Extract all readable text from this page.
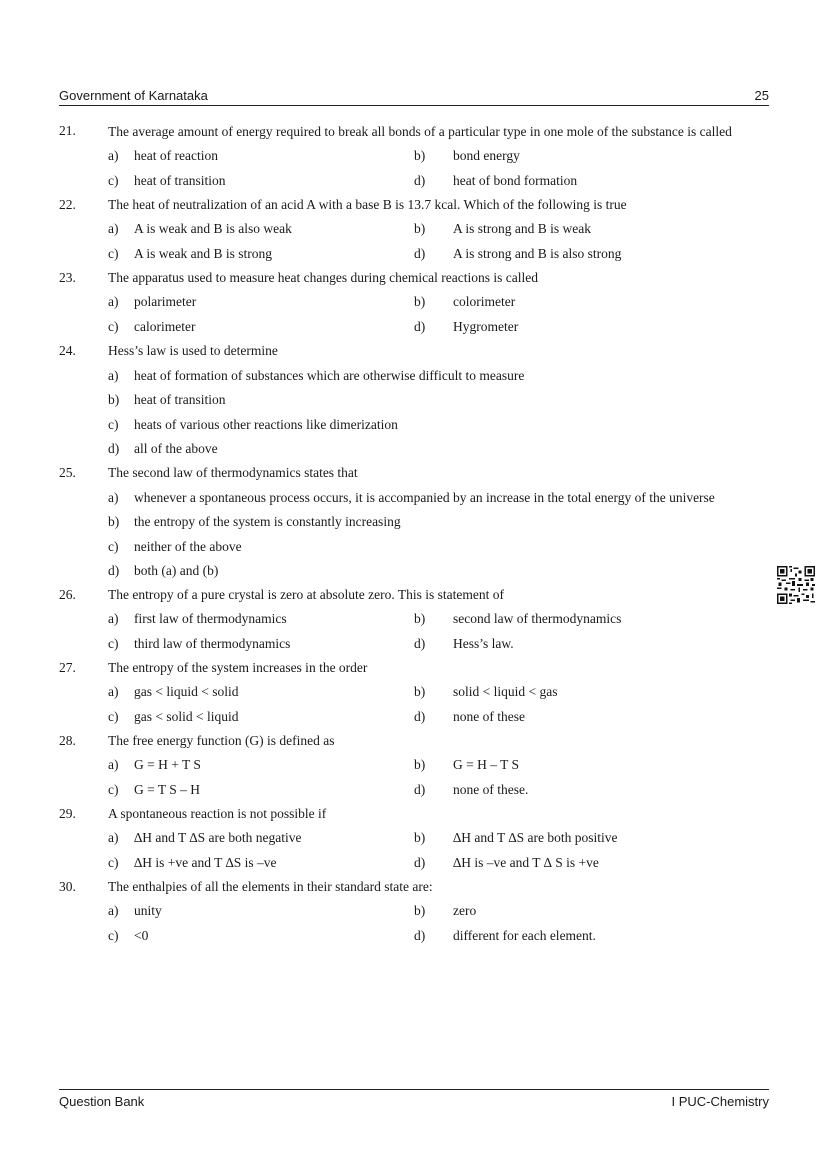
Government of Karnataka	25
21. The average amount of energy required to break all bonds of a particular type in one mole of the substance is called
a) heat of reaction	b) bond energy
c) heat of transition	d) heat of bond formation
22. The heat of neutralization of an acid A with a base B is 13.7 kcal. Which of the following is true
a) A is weak and B is also weak	b) A is strong and B is weak
c) A is weak and B is strong	d) A is strong and B is also strong
23. The apparatus used to measure heat changes during chemical reactions is called
a) polarimeter	b) colorimeter
c) calorimeter	d) Hygrometer
24. Hess’s law is used to determine
a) heat of formation of substances which are otherwise difficult to measure
b) heat of transition
c) heats of various other reactions like dimerization
d) all of the above
25. The second law of thermodynamics states that
a) whenever a spontaneous process occurs, it is accompanied by an increase in the total energy of the universe
b) the entropy of the system is constantly increasing
c) neither of the above
d) both (a) and (b)
26. The entropy of a pure crystal is zero at absolute zero. This is statement of
a) first law of thermodynamics	b) second law of thermodynamics
c) third law of thermodynamics	d) Hess’s law.
27. The entropy of the system increases in the order
a) gas < liquid < solid	b) solid < liquid < gas
c) gas < solid < liquid	d) none of these
28. The free energy function (G) is defined as
a) G = H + T S	b) G = H – T S
c) G = T S – H	d) none of these.
29. A spontaneous reaction is not possible if
a) ∆H and T ∆S are both negative	b) ∆H and T ∆S are both positive
c) ∆H is +ve and T ∆S is –ve	d) ∆H is –ve and T ∆ S is +ve
30. The enthalpies of all the elements in their standard state are:
a) unity	b) zero
c) <0	d) different for each element.
Question Bank	I PUC-Chemistry
